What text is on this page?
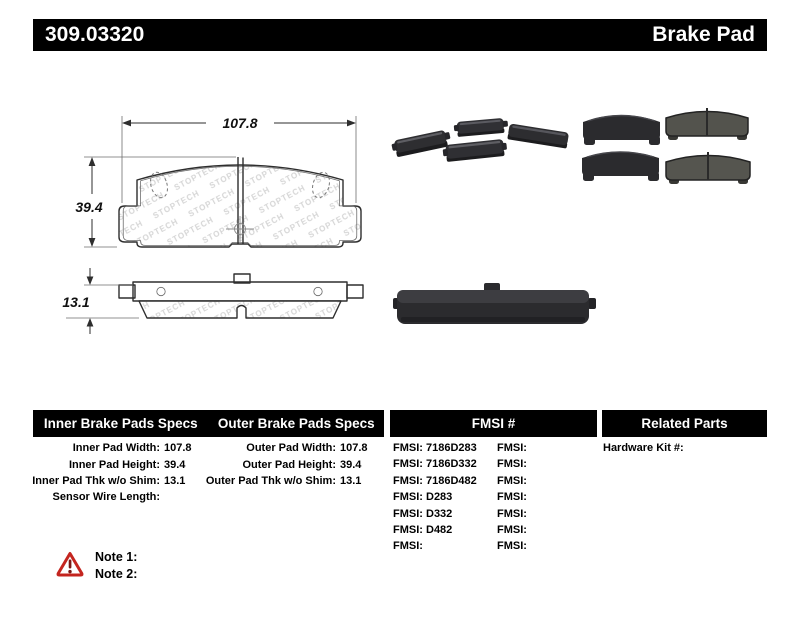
309.03320	Brake Pad
107.8
39.4
13.1
Inner Brake Pads Specs	Outer Brake Pads Specs	FMSI #	Related Parts
Inner Pad Width: 107.8
Inner Pad Height: 39.4
Inner Pad Thk w/o Shim: 13.1
Sensor Wire Length:
Outer Pad Width: 107.8
Outer Pad Height: 39.4
Outer Pad Thk w/o Shim: 13.1
FMSI: 7186D283
FMSI: 7186D332
FMSI: 7186D482
FMSI: D283
FMSI: D332
FMSI: D482
FMSI:
FMSI:
FMSI:
FMSI:
FMSI:
FMSI:
FMSI:
FMSI:
Hardware Kit #:
Note 1:
Note 2:
